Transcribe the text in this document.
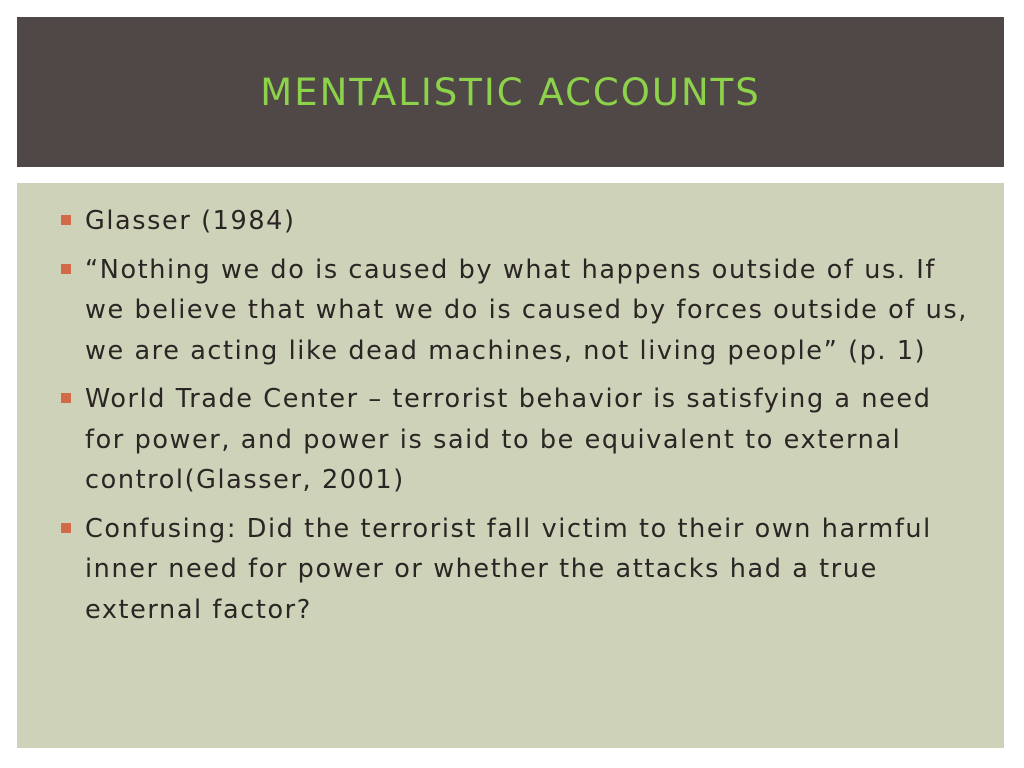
MENTALISTIC ACCOUNTS
Glasser (1984)
“Nothing we do is caused by what happens outside of us. If we believe that what we do is caused by forces outside of us, we are acting like dead machines, not living people” (p. 1)
World Trade Center – terrorist behavior is satisfying a need for power, and power is said to be equivalent to external control(Glasser, 2001)
Confusing: Did the terrorist fall victim to their own harmful inner need for power or whether the attacks had a true external factor?
